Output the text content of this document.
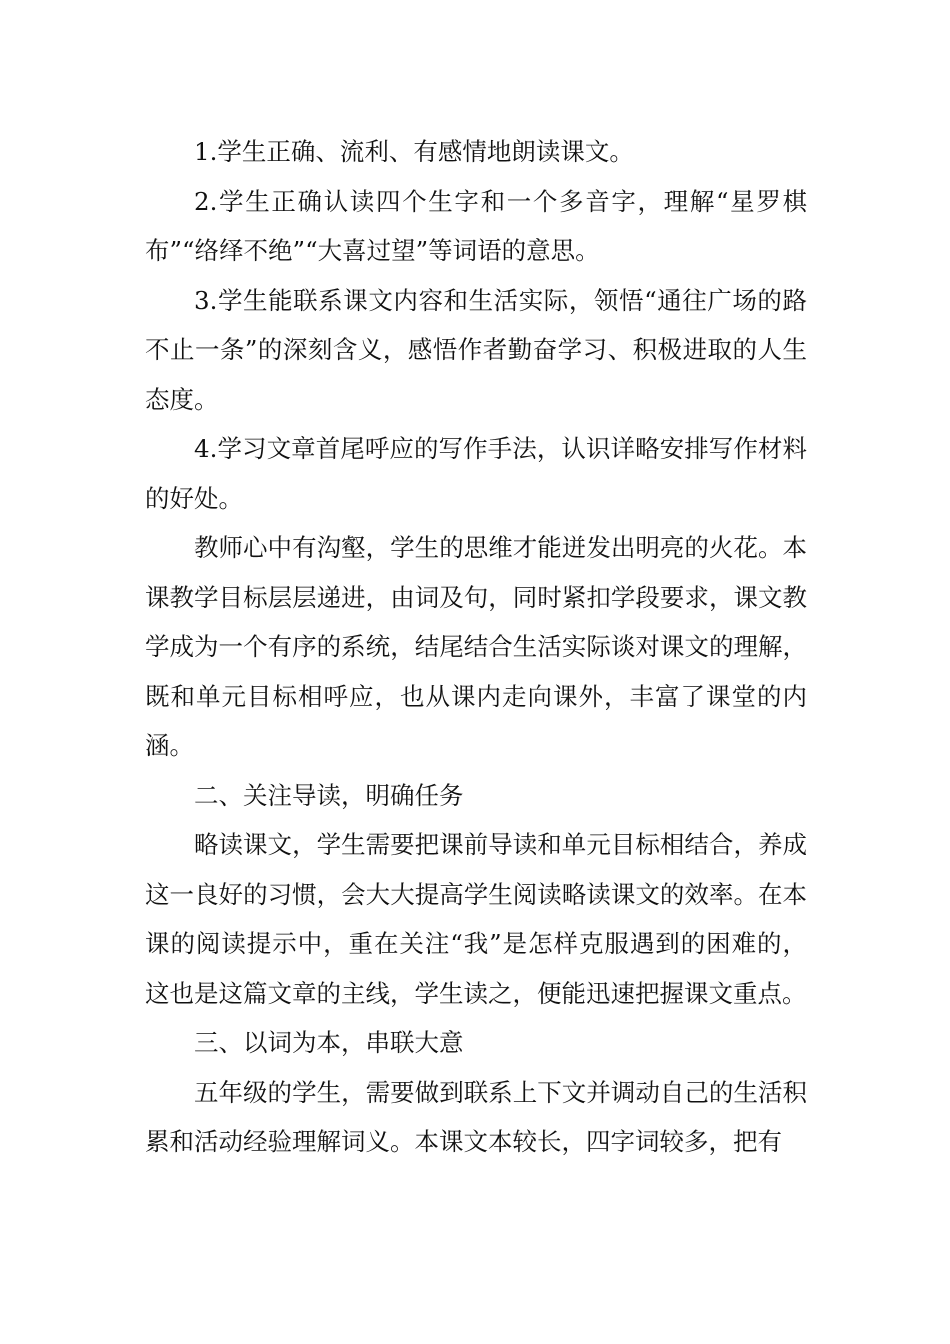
1.学生正确、流利、有感情地朗读课文。

2.学生正确认读四个生字和一个多音字，理解“星罗棋布”“络绎不绝”“大喜过望”等词语的意思。

3.学生能联系课文内容和生活实际，领悟“通往广场的路不止一条”的深刻含义，感悟作者勤奋学习、积极进取的人生态度。

4.学习文章首尾呼应的写作手法，认识详略安排写作材料的好处。

教师心中有沟壑，学生的思维才能迸发出明亮的火花。本课教学目标层层递进，由词及句，同时紧扣学段要求，课文教学成为一个有序的系统，结尾结合生活实际谈对课文的理解，既和单元目标相呼应，也从课内走向课外，丰富了课堂的内涵。

二、关注导读，明确任务

略读课文，学生需要把课前导读和单元目标相结合，养成这一良好的习惯，会大大提高学生阅读略读课文的效率。在本课的阅读提示中，重在关注“我”是怎样克服遇到的困难的，这也是这篇文章的主线，学生读之，便能迅速把握课文重点。

三、以词为本，串联大意

五年级的学生，需要做到联系上下文并调动自己的生活积累和活动经验理解词义。本课文本较长，四字词较多，把有
